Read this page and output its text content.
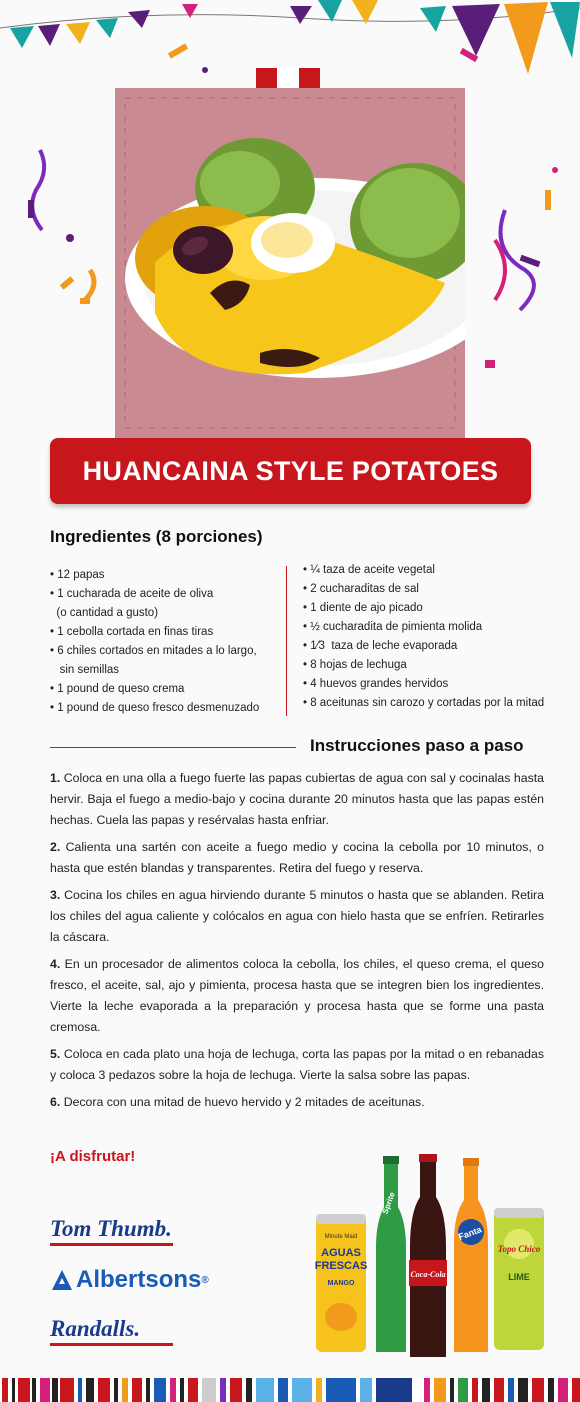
HUANCAINA STYLE POTATOES
Ingredientes (8 porciones)
• 12 papas
• 1 cucharada de aceite de oliva
(o cantidad a gusto)
• 1 cebolla cortada en finas tiras
• 6 chiles cortados en mitades a lo largo,
sin semillas
• 1 pound de queso crema
• 1 pound de queso fresco desmenuzado
• ¼ taza de aceite vegetal
• 2 cucharaditas de sal
• 1 diente de ajo picado
• ½ cucharadita de pimienta molida
• 1⁄3  taza de leche evaporada
• 8 hojas de lechuga
• 4 huevos grandes hervidos
• 8 aceitunas sin carozo y cortadas por la mitad
Instrucciones paso a paso

1. Coloca en una olla a fuego fuerte las papas cubiertas de agua con sal y cocinalas hasta hervir. Baja el fuego a medio-bajo y cocina durante 20 minutos hasta que las papas estén hechas. Cuela las papas y resérvalas hasta enfriar.

2. Calienta una sartén con aceite a fuego medio y cocina la cebolla por 10 minutos, o hasta que estén blandas y transparentes. Retira del fuego y reserva.

3. Cocina los chiles en agua hirviendo durante 5 minutos o hasta que se ablanden. Retira los chiles del agua caliente y colócalos en agua con hielo hasta que se enfríen. Retirarles la cáscara.

4. En un procesador de alimentos coloca la cebolla, los chiles, el queso crema, el queso fresco, el aceite, sal, ajo y pimienta, procesa hasta que se integren bien los ingredientes. Vierte la leche evaporada a la preparación y procesa hasta que se forme una pasta cremosa.

5. Coloca en cada plato una hoja de lechuga, corta las papas por la mitad o en rebanadas y coloca 3 pedazos sobre la hoja de lechuga. Vierte la salsa sobre las papas.

6. Decora con una mitad de huevo hervido y 2 mitades de aceitunas.

¡A disfrutar!
Tom Thumb.
Albertsons ®
Randalls.
Minute Maid
AGUAS
FRESCAS
MANGO
Sprite
Coca-Cola
Fanta
Topo Chico
LIME
